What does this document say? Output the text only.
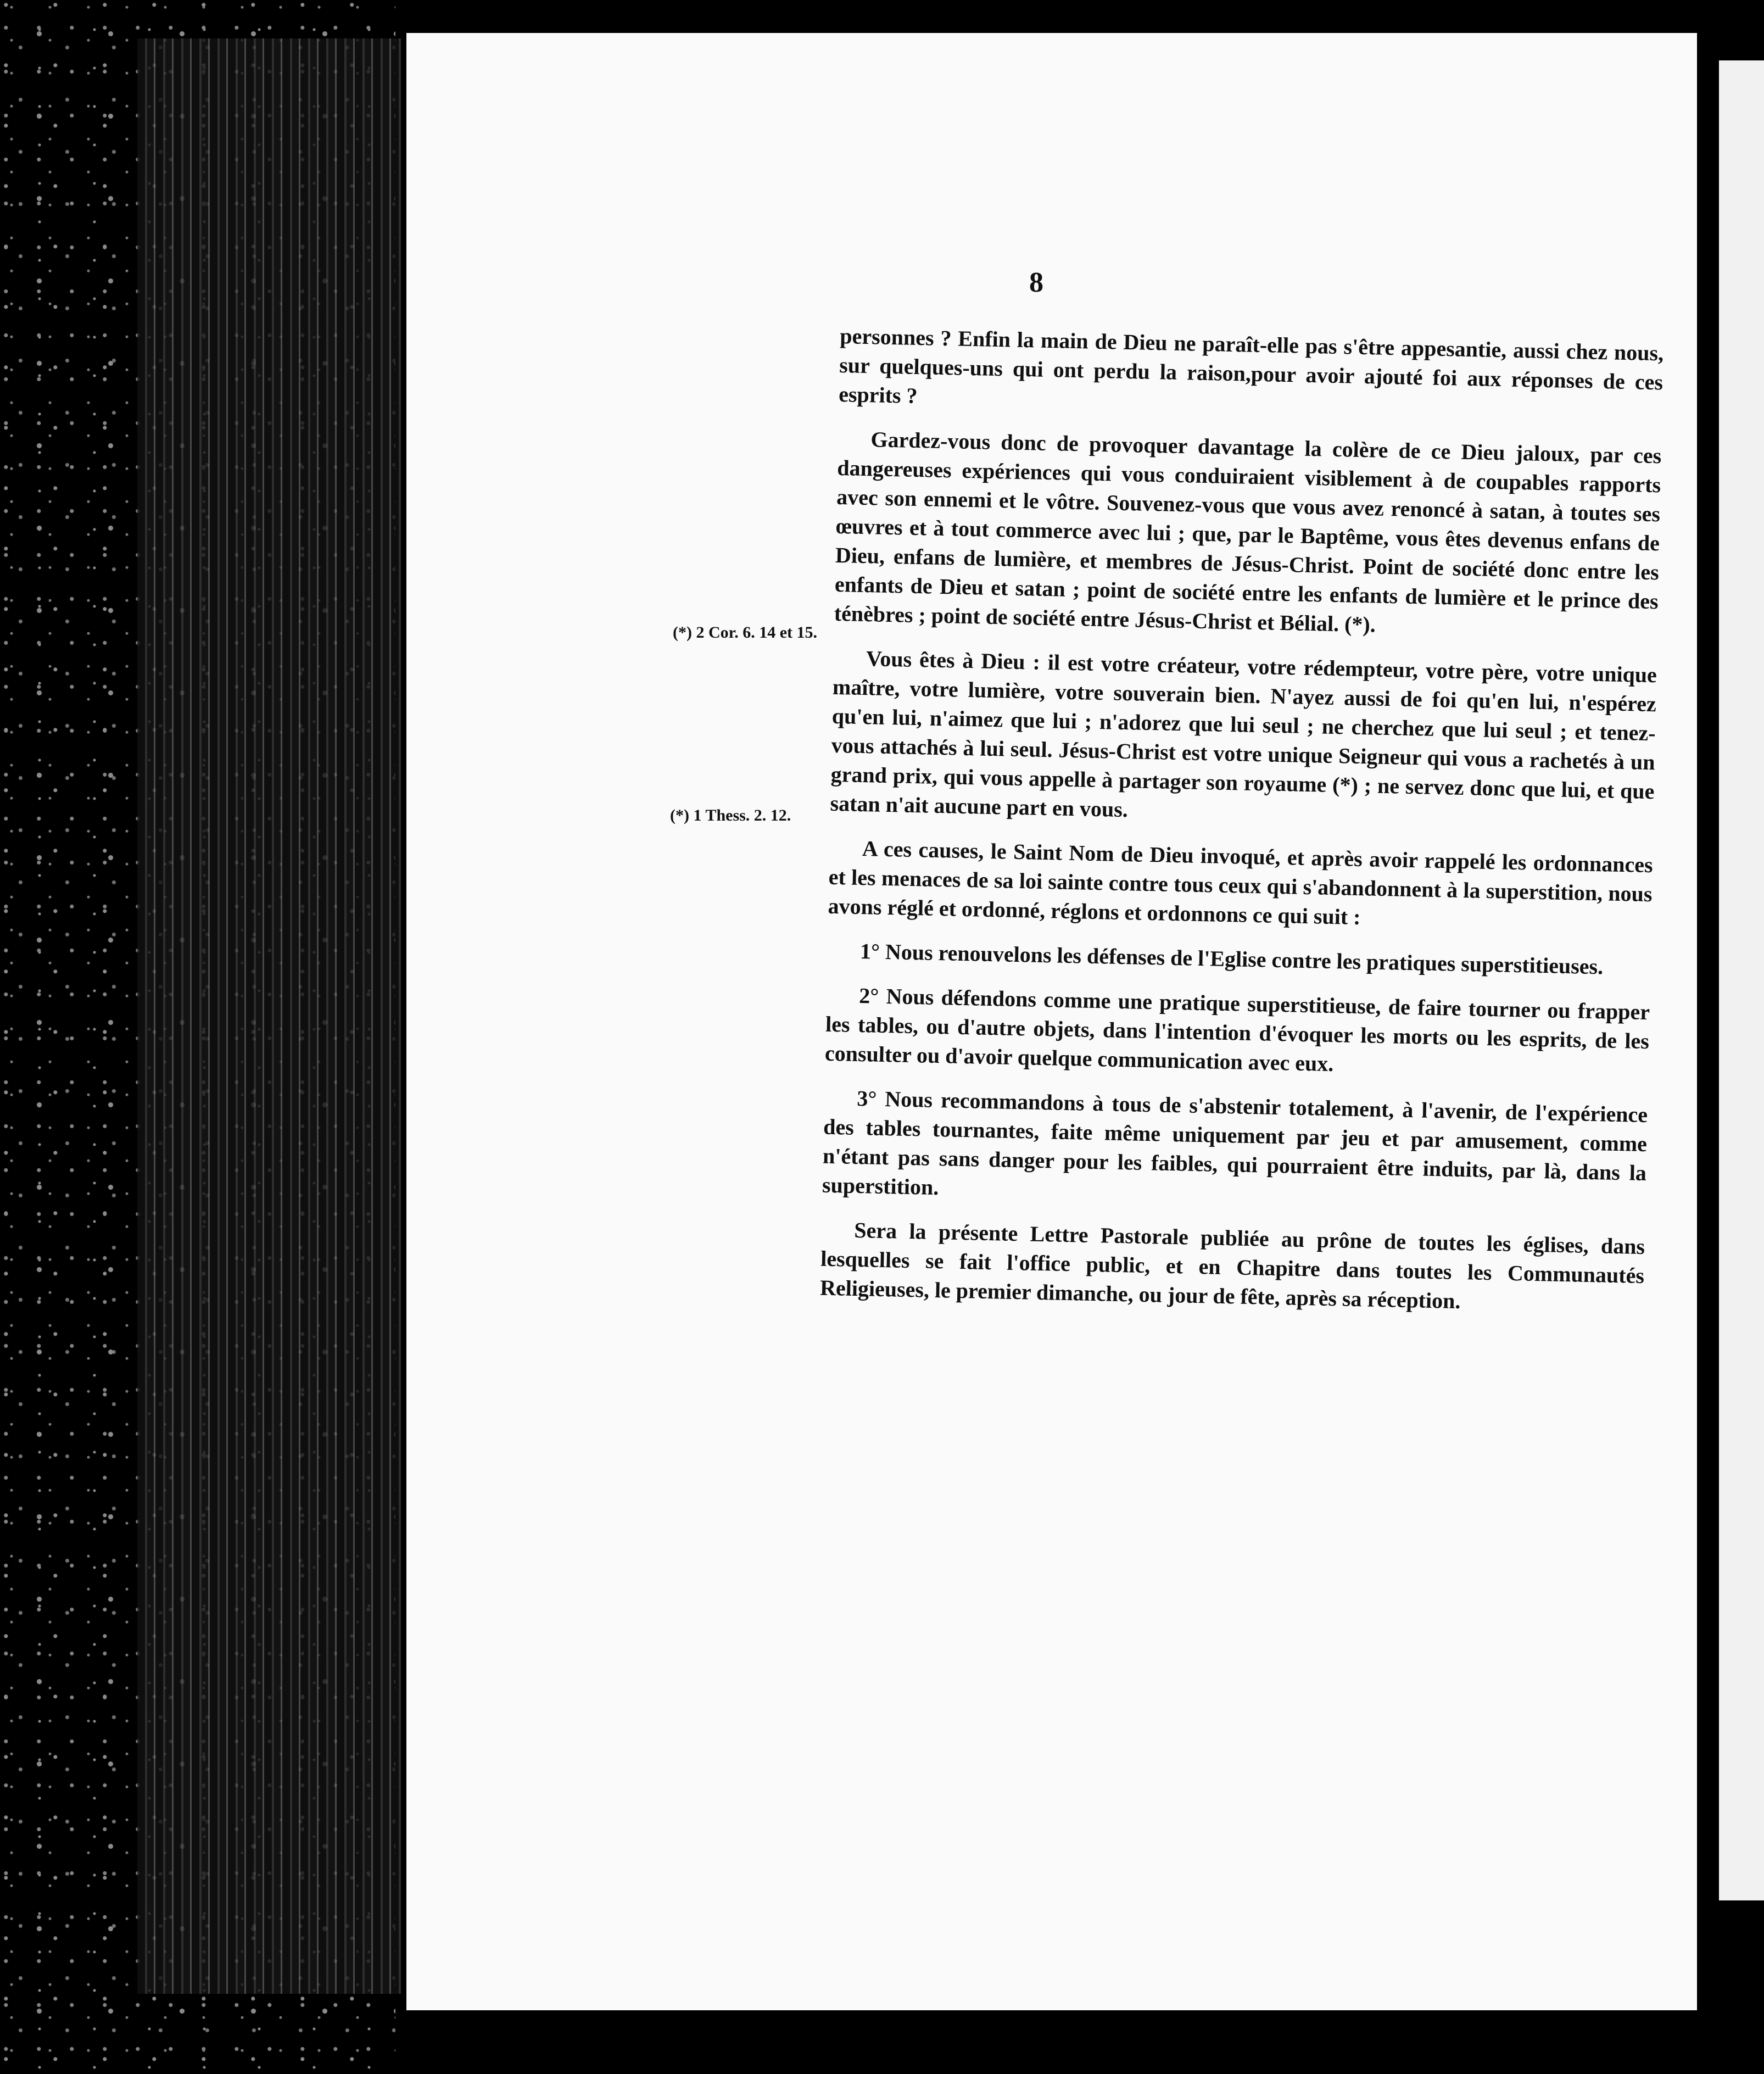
8
(*) 2 Cor. 6. 14 et 15.
(*) 1 Thess. 2. 12.

personnes ? Enfin la main de Dieu ne paraît-elle pas s'être appesantie, aussi chez nous, sur quelques-uns qui ont perdu la raison,pour avoir ajouté foi aux réponses de ces esprits ?

Gardez-vous donc de provoquer davantage la colère de ce Dieu jaloux, par ces dangereuses expériences qui vous conduiraient visiblement à de coupables rapports avec son ennemi et le vôtre. Souvenez-vous que vous avez renoncé à satan, à toutes ses œuvres et à tout commerce avec lui ; que, par le Baptême, vous êtes devenus enfans de Dieu, enfans de lumière, et membres de Jésus-Christ. Point de société donc entre les enfants de Dieu et satan ; point de société entre les enfants de lumière et le prince des ténèbres ; point de société entre Jésus-Christ et Bélial. (*).

Vous êtes à Dieu : il est votre créateur, votre rédempteur, votre père, votre unique maître, votre lumière, votre souverain bien. N'ayez aussi de foi qu'en lui, n'espérez qu'en lui, n'aimez que lui ; n'adorez que lui seul ; ne cherchez que lui seul ; et tenez-vous attachés à lui seul. Jésus-Christ est votre unique Seigneur qui vous a rachetés à un grand prix, qui vous appelle à partager son royaume (*) ; ne servez donc que lui, et que satan n'ait aucune part en vous.

A ces causes, le Saint Nom de Dieu invoqué, et après avoir rappelé les ordonnances et les menaces de sa loi sainte contre tous ceux qui s'abandonnent à la superstition, nous avons réglé et ordonné, réglons et ordonnons ce qui suit :

1° Nous renouvelons les défenses de l'Eglise contre les pratiques superstitieuses.

2° Nous défendons comme une pratique superstitieuse, de faire tourner ou frapper les tables, ou d'autre objets, dans l'intention d'évoquer les morts ou les esprits, de les consulter ou d'avoir quelque communication avec eux.

3° Nous recommandons à tous de s'abstenir totalement, à l'avenir, de l'expérience des tables tournantes, faite même uniquement par jeu et par amusement, comme n'étant pas sans danger pour les faibles, qui pourraient être induits, par là, dans la superstition.

Sera la présente Lettre Pastorale publiée au prône de toutes les églises, dans lesquelles se fait l'office public, et en Chapitre dans toutes les Communautés Religieuses, le premier dimanche, ou jour de fête, après sa réception.
